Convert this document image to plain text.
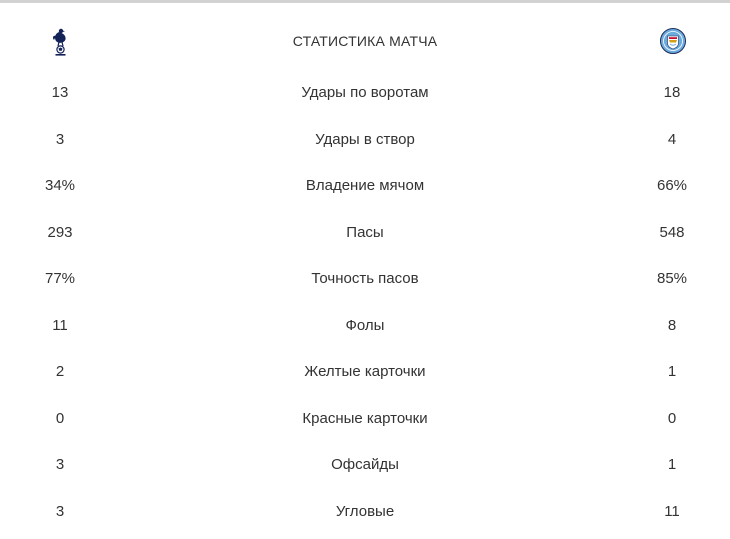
СТАТИСТИКА МАТЧА
13	Удары по воротам	18
3	Удары в створ	4
34%	Владение мячом	66%
293	Пасы	548
77%	Точность пасов	85%
11	Фолы	8
2	Желтые карточки	1
0	Красные карточки	0
3	Офсайды	1
3	Угловые	11
